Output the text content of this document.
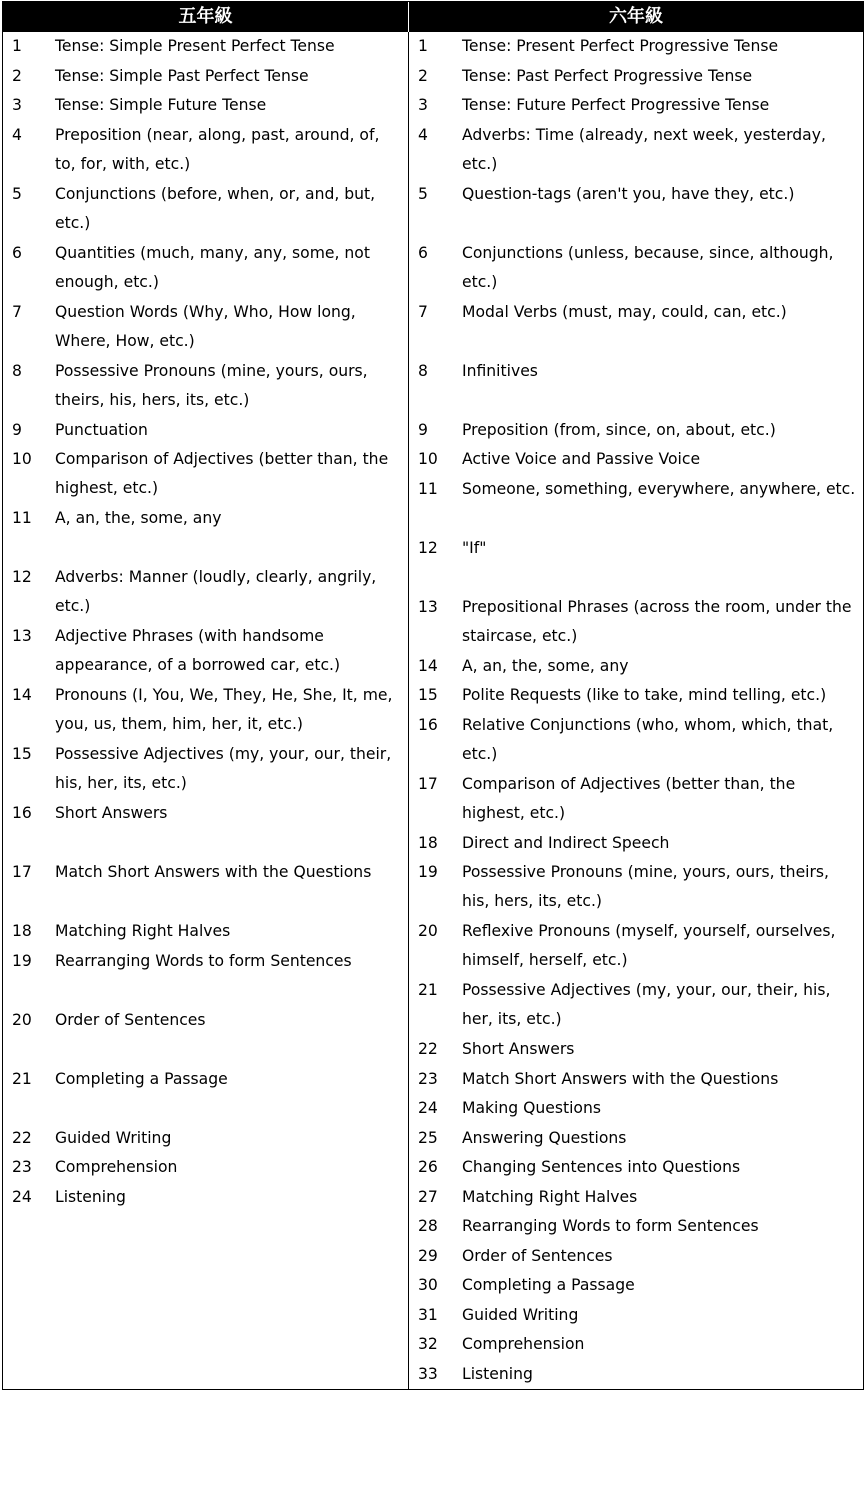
五年級	六年級
1	Tense: Simple Present Perfect Tense
2	Tense: Simple Past Perfect Tense
3	Tense: Simple Future Tense
4	Preposition (near, along, past, around, of, to, for, with, etc.)
5	Conjunctions (before, when, or, and, but, etc.)
6	Quantities (much, many, any, some, not enough, etc.)
7	Question Words (Why, Who, How long, Where, How, etc.)
8	Possessive Pronouns (mine, yours, ours, theirs, his, hers, its, etc.)
9	Punctuation
10	Comparison of Adjectives (better than, the highest, etc.)
11	A, an, the, some, any
12	Adverbs: Manner (loudly, clearly, angrily, etc.)
13	Adjective Phrases (with handsome appearance, of a borrowed car, etc.)
14	Pronouns (I, You, We, They, He, She, It, me, you, us, them, him, her, it, etc.)
15	Possessive Adjectives (my, your, our, their, his, her, its, etc.)
16	Short Answers
17	Match Short Answers with the Questions
18	Matching Right Halves
19	Rearranging Words to form Sentences
20	Order of Sentences
21	Completing a Passage
22	Guided Writing
23	Comprehension
24	Listening
1	Tense: Present Perfect Progressive Tense
2	Tense: Past Perfect Progressive Tense
3	Tense: Future Perfect Progressive Tense
4	Adverbs: Time (already, next week, yesterday, etc.)
5	Question-tags (aren't you, have they, etc.)
6	Conjunctions (unless, because, since, although, etc.)
7	Modal Verbs (must, may, could, can, etc.)
8	Infinitives
9	Preposition (from, since, on, about, etc.)
10	Active Voice and Passive Voice
11	Someone, something, everywhere, anywhere, etc.
12	"If"
13	Prepositional Phrases (across the room, under the staircase, etc.)
14	A, an, the, some, any
15	Polite Requests (like to take, mind telling, etc.)
16	Relative Conjunctions (who, whom, which, that, etc.)
17	Comparison of Adjectives (better than, the highest, etc.)
18	Direct and Indirect Speech
19	Possessive Pronouns (mine, yours, ours, theirs, his, hers, its, etc.)
20	Reflexive Pronouns (myself, yourself, ourselves, himself, herself, etc.)
21	Possessive Adjectives (my, your, our, their, his, her, its, etc.)
22	Short Answers
23	Match Short Answers with the Questions
24	Making Questions
25	Answering Questions
26	Changing Sentences into Questions
27	Matching Right Halves
28	Rearranging Words to form Sentences
29	Order of Sentences
30	Completing a Passage
31	Guided Writing
32	Comprehension
33	Listening
